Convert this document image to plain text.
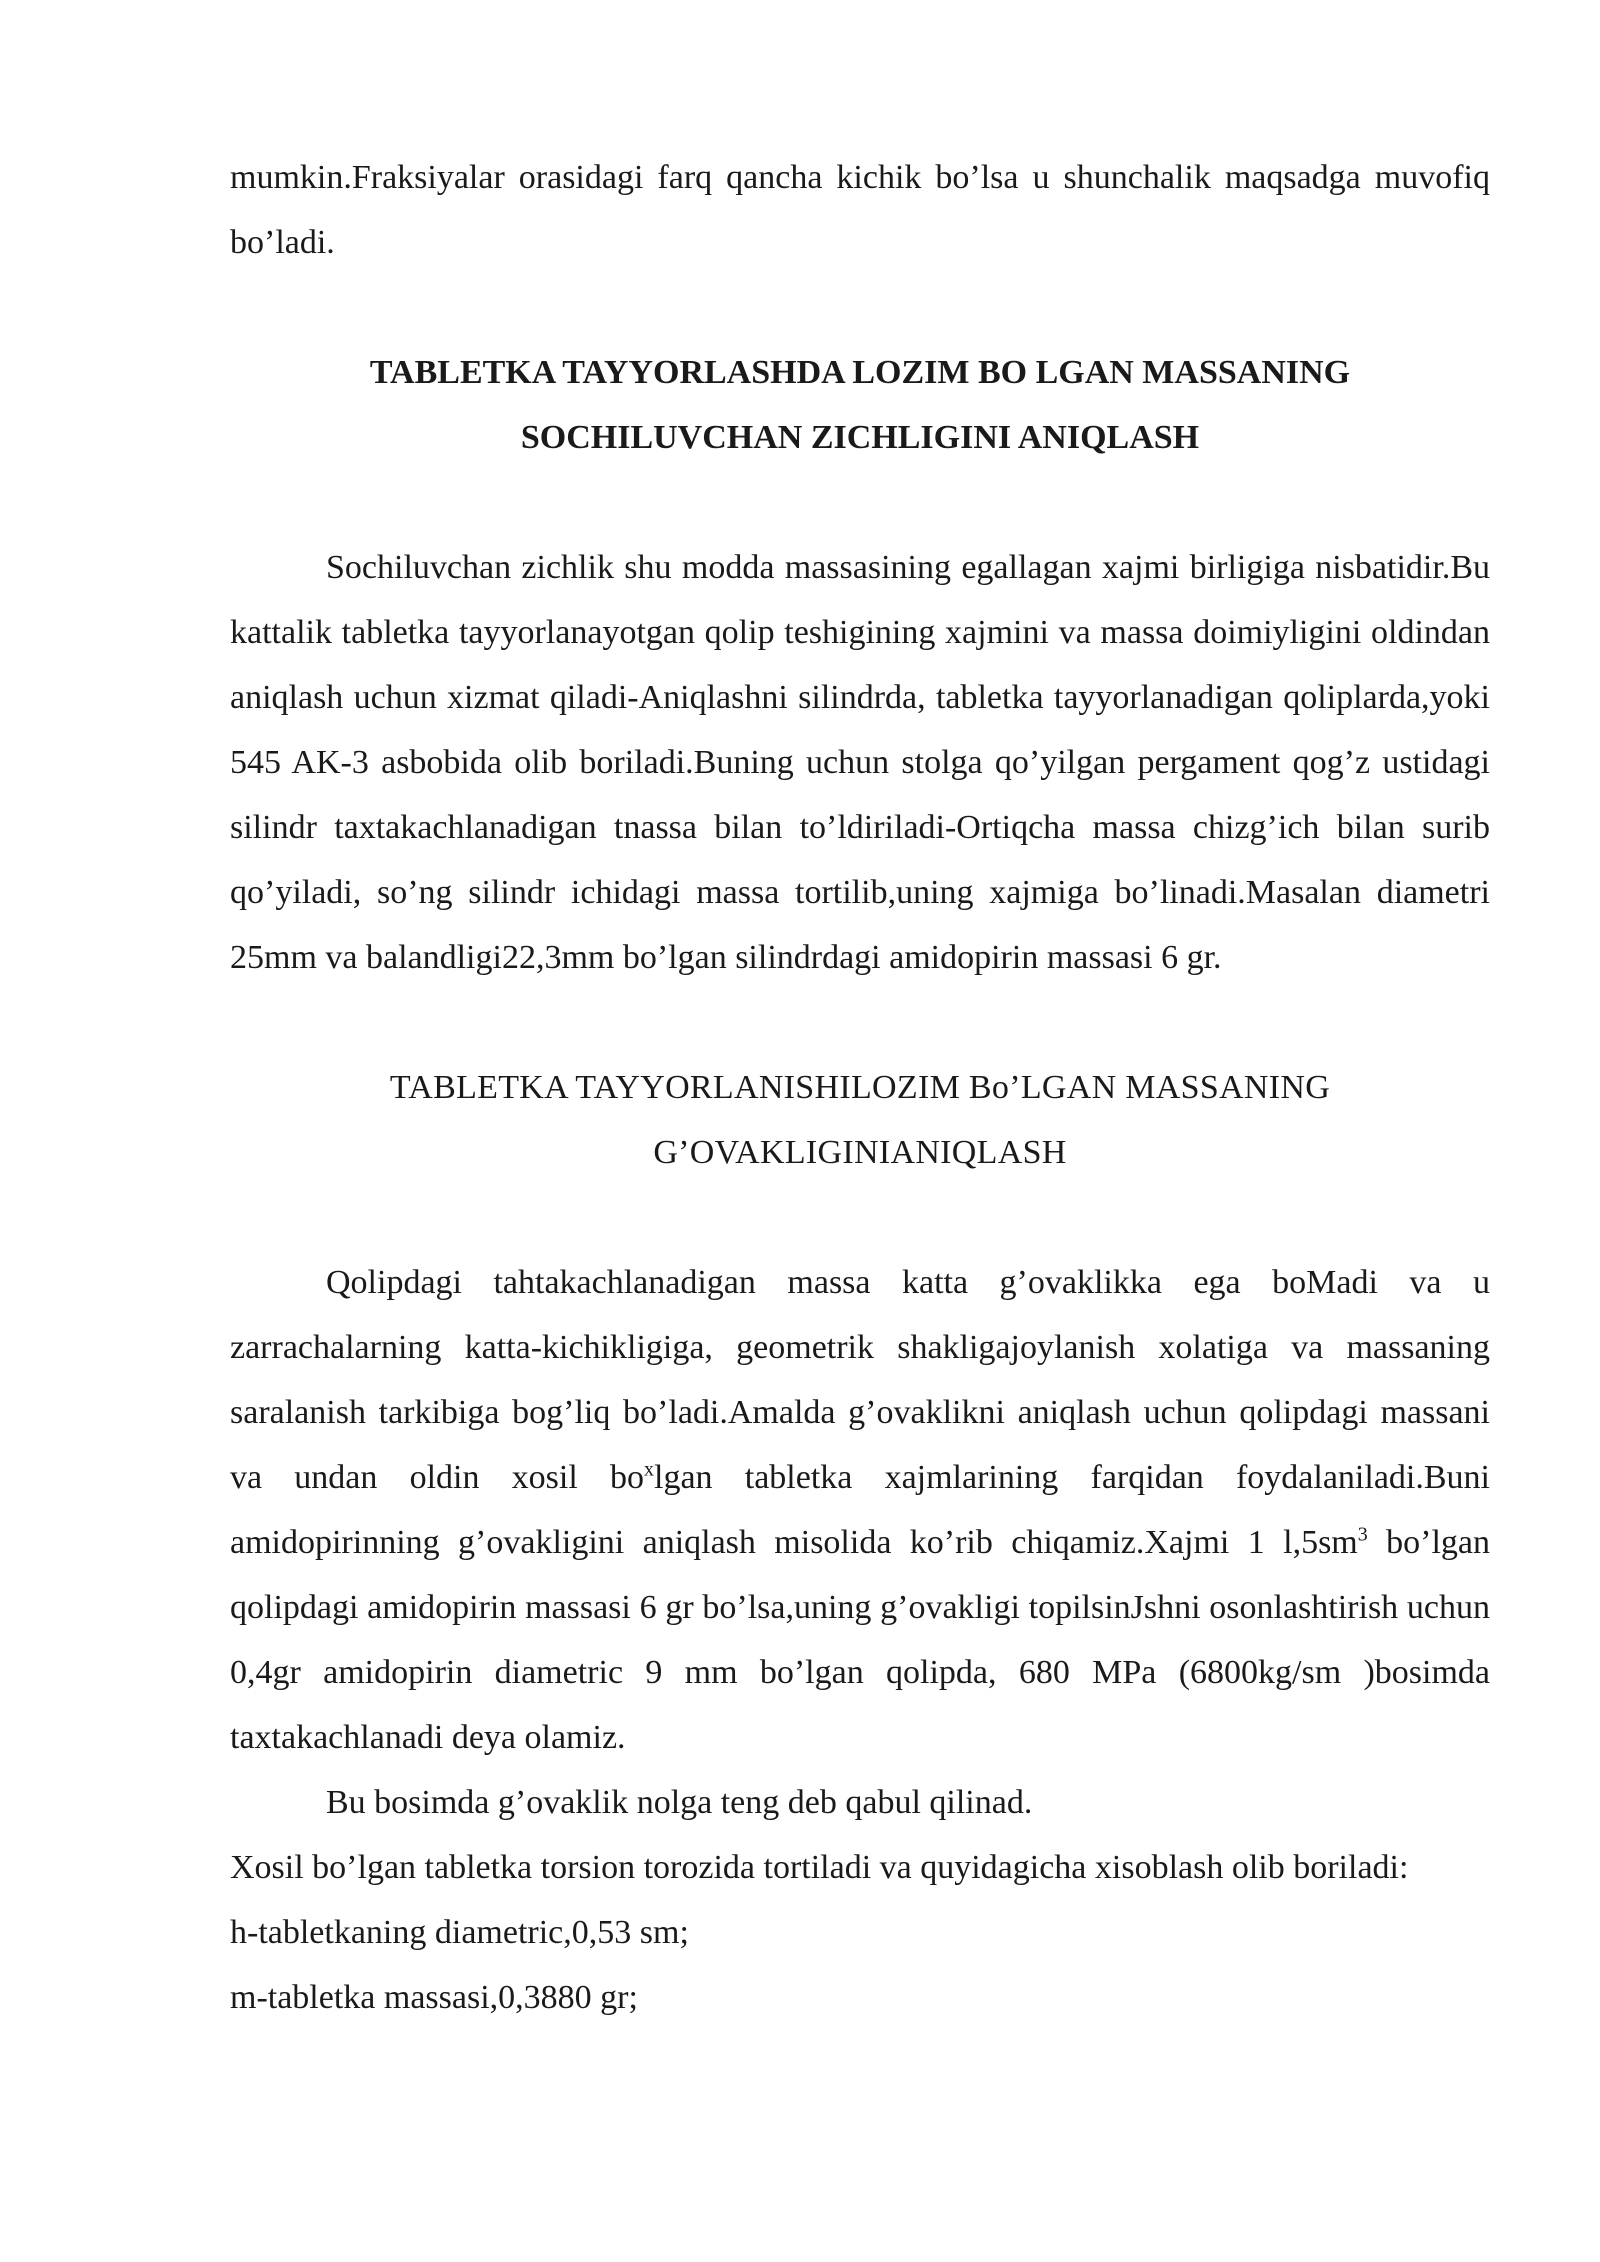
mumkin.Fraksiyalar orasidagi farq qancha kichik bo’lsa u shunchalik maqsadga muvofiq bo’ladi.

TABLETKA TAYYORLASHDA LOZIM BO LGAN MASSANING
SOCHILUVCHAN ZICHLIGINI ANIQLASH

Sochiluvchan zichlik shu modda massasining egallagan xajmi birligiga nisbatidir.Bu kattalik tabletka tayyorlanayotgan qolip teshigining xajmini va massa doimiyligini oldindan aniqlash uchun xizmat qiladi-Aniqlashni silindrda, tabletka tayyorlanadigan qoliplarda,yoki 545 AK-3 asbobida olib boriladi.Buning uchun stolga qo’yilgan pergament qog’z ustidagi silindr taxtakachlanadigan tnassa bilan to’ldiriladi-Ortiqcha massa chizg’ich bilan surib qo’yiladi, so’ng silindr ichidagi massa tortilib,uning xajmiga bo’linadi.Masalan diametri 25mm va balandligi22,3mm bo’lgan silindrdagi amidopirin massasi 6 gr.

TABLETKA TAYYORLANISHILOZIM Bo’LGAN MASSANING
G’OVAKLIGINIANIQLASH

Qolipdagi tahtakachlanadigan massa katta g’ovaklikka ega boMadi va u zarrachalarning katta-kichikligiga, geometrik shakligajoylanish xolatiga va massaning saralanish tarkibiga bog’liq bo’ladi.Amalda g’ovaklikni aniqlash uchun qolipdagi massani va undan oldin xosil $bo^xlgan$ tabletka xajmlarining farqidan foydalaniladi.Buni amidopirinning g’ovakligini aniqlash misolida ko’rib chiqamiz.Xajmi 1 $l,5sm^3$ bo’lgan qolipdagi amidopirin massasi 6 gr bo’lsa,uning g’ovakligi topilsinJshni osonlashtirish uchun 0,4gr amidopirin diametric 9 mm bo’lgan qolipda, 680 MPa (6800kg/sm )bosimda taxtakachlanadi deya olamiz.

Bu bosimda g’ovaklik nolga teng deb qabul qilinad.

Xosil bo’lgan tabletka torsion torozida tortiladi va quyidagicha xisoblash olib boriladi:

h-tabletkaning diametric,0,53 sm;

m-tabletka massasi,0,3880 gr;
